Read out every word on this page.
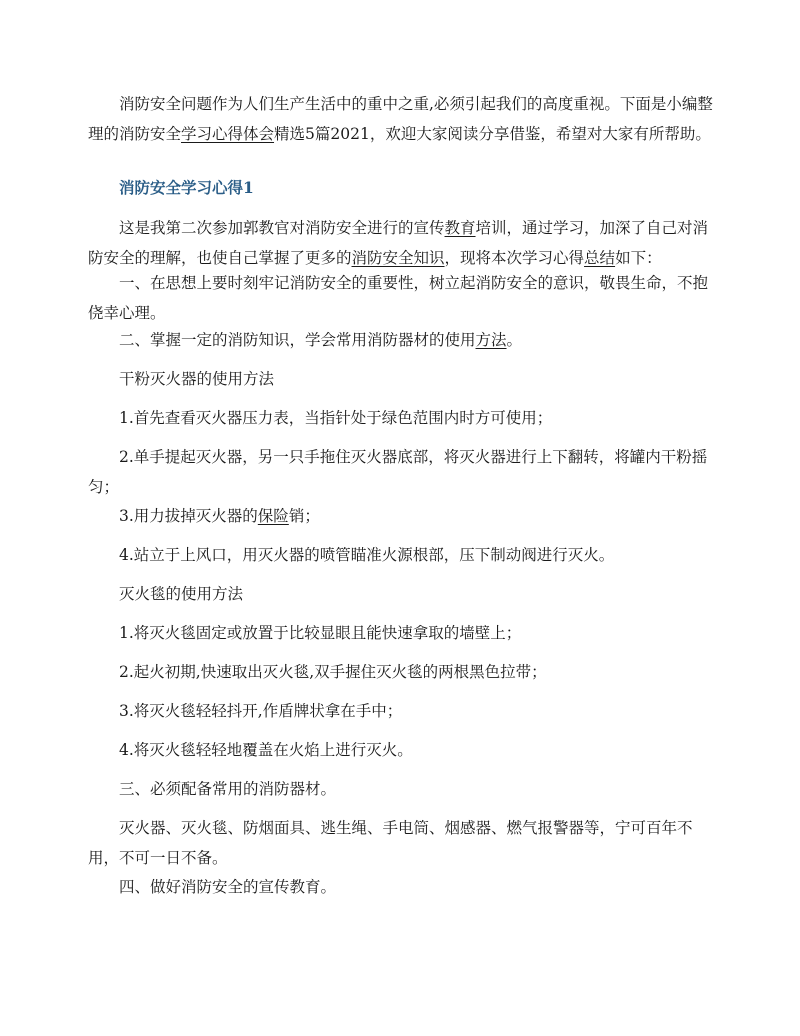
消防安全问题作为人们生产生活中的重中之重,必须引起我们的高度重视。下面是小编整理的消防安全学习心得体会精选5篇2021，欢迎大家阅读分享借鉴，希望对大家有所帮助。

消防安全学习心得1

这是我第二次参加郭教官对消防安全进行的宣传教育培训，通过学习，加深了自己对消防安全的理解，也使自己掌握了更多的消防安全知识，现将本次学习心得总结如下：

一、在思想上要时刻牢记消防安全的重要性，树立起消防安全的意识，敬畏生命，不抱侥幸心理。

二、掌握一定的消防知识，学会常用消防器材的使用方法。

干粉灭火器的使用方法

1.首先查看灭火器压力表，当指针处于绿色范围内时方可使用；

2.单手提起灭火器，另一只手拖住灭火器底部，将灭火器进行上下翻转，将罐内干粉摇匀；

3.用力拔掉灭火器的保险销；

4.站立于上风口，用灭火器的喷管瞄准火源根部，压下制动阀进行灭火。

灭火毯的使用方法

1.将灭火毯固定或放置于比较显眼且能快速拿取的墙壁上；

2.起火初期,快速取出灭火毯,双手握住灭火毯的两根黑色拉带；

3.将灭火毯轻轻抖开,作盾牌状拿在手中；

4.将灭火毯轻轻地覆盖在火焰上进行灭火。

三、必须配备常用的消防器材。

灭火器、灭火毯、防烟面具、逃生绳、手电筒、烟感器、燃气报警器等，宁可百年不用，不可一日不备。

四、做好消防安全的宣传教育。
